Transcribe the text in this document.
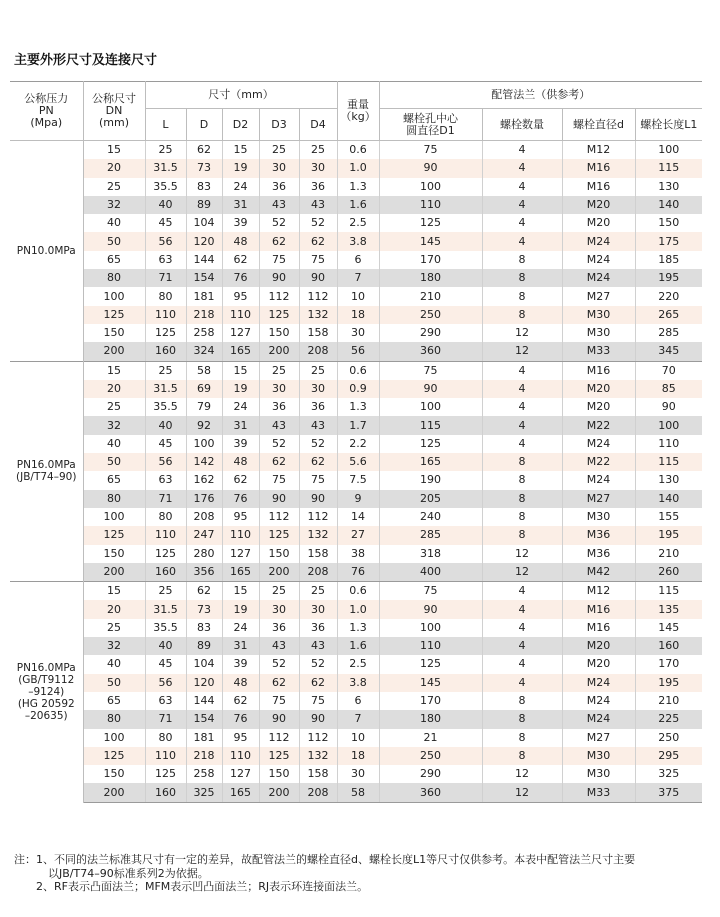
主要外形尺寸及连接尺寸
公称压力
PN
(Mpa)	公称尺寸
DN
(mm)	尺寸（mm）					重量
（kg）	配管法兰（供参考）			
		L	D	D2	D3	D4		螺栓孔中心
圆直径D1	螺栓数量	螺栓直径d	螺栓长度L1
PN10.0MPa	15	25	62	15	25	25	0.6	75	4	M12	100
	20	31.5	73	19	30	30	1.0	90	4	M16	115
	25	35.5	83	24	36	36	1.3	100	4	M16	130
	32	40	89	31	43	43	1.6	110	4	M20	140
	40	45	104	39	52	52	2.5	125	4	M20	150
	50	56	120	48	62	62	3.8	145	4	M24	175
	65	63	144	62	75	75	6	170	8	M24	185
	80	71	154	76	90	90	7	180	8	M24	195
	100	80	181	95	112	112	10	210	8	M27	220
	125	110	218	110	125	132	18	250	8	M30	265
	150	125	258	127	150	158	30	290	12	M30	285
	200	160	324	165	200	208	56	360	12	M33	345
PN16.0MPa
(JB/T74–90)	15	25	58	15	25	25	0.6	75	4	M16	70
	20	31.5	69	19	30	30	0.9	90	4	M20	85
	25	35.5	79	24	36	36	1.3	100	4	M20	90
	32	40	92	31	43	43	1.7	115	4	M22	100
	40	45	100	39	52	52	2.2	125	4	M24	110
	50	56	142	48	62	62	5.6	165	8	M22	115
	65	63	162	62	75	75	7.5	190	8	M24	130
	80	71	176	76	90	90	9	205	8	M27	140
	100	80	208	95	112	112	14	240	8	M30	155
	125	110	247	110	125	132	27	285	8	M36	195
	150	125	280	127	150	158	38	318	12	M36	210
	200	160	356	165	200	208	76	400	12	M42	260
PN16.0MPa
(GB/T9112
–9124)
(HG 20592
–20635)	15	25	62	15	25	25	0.6	75	4	M12	115
	20	31.5	73	19	30	30	1.0	90	4	M16	135
	25	35.5	83	24	36	36	1.3	100	4	M16	145
	32	40	89	31	43	43	1.6	110	4	M20	160
	40	45	104	39	52	52	2.5	125	4	M20	170
	50	56	120	48	62	62	3.8	145	4	M24	195
	65	63	144	62	75	75	6	170	8	M24	210
	80	71	154	76	90	90	7	180	8	M24	225
	100	80	181	95	112	112	10	21	8	M27	250
	125	110	218	110	125	132	18	250	8	M30	295
	150	125	258	127	150	158	30	290	12	M30	325
	200	160	325	165	200	208	58	360	12	M33	375
注：1、不同的法兰标准其尺寸有一定的差异，故配管法兰的螺栓直径d、螺栓长度L1等尺寸仅供参考。本表中配管法兰尺寸主要
以JB/T74–90标准系列2为依据。
2、RF表示凸面法兰；MFM表示凹凸面法兰；RJ表示环连接面法兰。
